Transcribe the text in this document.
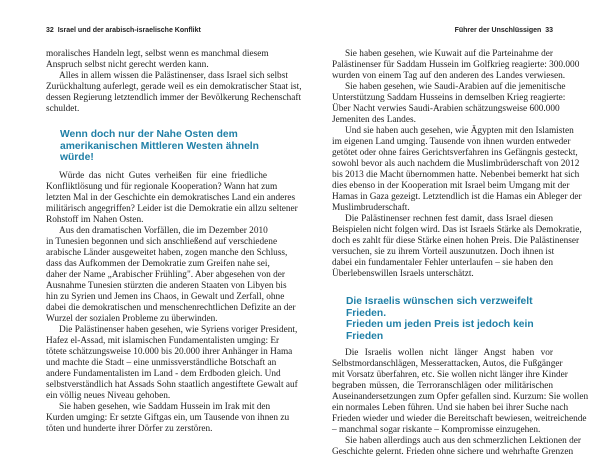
32 Israel und der arabisch-israelische Konflikt
moralisches Handeln legt, selbst wenn es manchmal diesem
Anspruch selbst nicht gerecht werden kann.
Alles in allem wissen die Palästinenser, dass Israel sich selbst
Zurückhaltung auferlegt, gerade weil es ein demokratischer Staat ist,
dessen Regierung letztendlich immer der Bevölkerung Rechenschaft
schuldet.
Wenn doch nur der Nahe Osten dem
amerikanischen Mittleren Westen ähneln
würde!
Würde das nicht Gutes verheißen für eine friedliche
Konfliktlösung und für regionale Kooperation? Wann hat zum
letzten Mal in der Geschichte ein demokratisches Land ein anderes
militärisch angegriffen? Leider ist die Demokratie ein allzu seltener
Rohstoff im Nahen Osten.
Aus den dramatischen Vorfällen, die im Dezember 2010
in Tunesien begonnen und sich anschließend auf verschiedene
arabische Länder ausgeweitet haben, zogen manche den Schluss,
dass das Aufkommen der Demokratie zum Greifen nahe sei,
daher der Name „Arabischer Frühling". Aber abgesehen von der
Ausnahme Tunesien stürzten die anderen Staaten von Libyen bis
hin zu Syrien und Jemen ins Chaos, in Gewalt und Zerfall, ohne
dabei die demokratischen und menschenrechtlichen Defizite an der
Wurzel der sozialen Probleme zu überwinden.
Die Palästinenser haben gesehen, wie Syriens voriger President,
Hafez el-Assad, mit islamischen Fundamentalisten umging: Er
tötete schätzungsweise 10.000 bis 20.000 ihrer Anhänger in Hama
und machte die Stadt – eine unmissverständliche Botschaft an
andere Fundamentalisten im Land - dem Erdboden gleich. Und
selbstverständlich hat Assads Sohn staatlich angestiftete Gewalt auf
ein völlig neues Niveau gehoben.
Sie haben gesehen, wie Saddam Hussein im Irak mit den
Kurden umging: Er setzte Giftgas ein, um Tausende von ihnen zu
töten und hunderte ihrer Dörfer zu zerstören.
Führer der Unschlüssigen 33
Sie haben gesehen, wie Kuwait auf die Parteinahme der
Palästinenser für Saddam Hussein im Golfkrieg reagierte: 300.000
wurden von einem Tag auf den anderen des Landes verwiesen.
Sie haben gesehen, wie Saudi-Arabien auf die jemenitische
Unterstützung Saddam Husseins in demselben Krieg reagierte:
Über Nacht verwies Saudi-Arabien schätzungsweise 600.000
Jemeniten des Landes.
Und sie haben auch gesehen, wie Ägypten mit den Islamisten
im eigenen Land umging. Tausende von ihnen wurden entweder
getötet oder ohne faires Gerichtsverfahren ins Gefängnis gesteckt,
sowohl bevor als auch nachdem die Muslimbrüderschaft von 2012
bis 2013 die Macht übernommen hatte. Nebenbei bemerkt hat sich
dies ebenso in der Kooperation mit Israel beim Umgang mit der
Hamas in Gaza gezeigt. Letztendlich ist die Hamas ein Ableger der
Muslimbruderschaft.
Die Palästinenser rechnen fest damit, dass Israel diesen
Beispielen nicht folgen wird. Das ist Israels Stärke als Demokratie,
doch es zahlt für diese Stärke einen hohen Preis. Die Palästinenser
versuchen, sie zu ihrem Vorteil auszunutzen. Doch ihnen ist
dabei ein fundamentaler Fehler unterlaufen – sie haben den
Überlebenswillen Israels unterschätzt.
Die Israelis wünschen sich verzweifelt Frieden.
Frieden um jeden Preis ist jedoch kein Frieden
Die Israelis wollen nicht länger Angst haben vor
Selbstmordanschlägen, Messerattacken, Autos, die Fußgänger
mit Vorsatz überfahren, etc. Sie wollen nicht länger ihre Kinder
begraben müssen, die Terroranschlägen oder militärischen
Auseinandersetzungen zum Opfer gefallen sind. Kurzum: Sie wollen
ein normales Leben führen. Und sie haben bei ihrer Suche nach
Frieden wieder und wieder die Bereitschaft bewiesen, weitreichende
– manchmal sogar riskante – Kompromisse einzugehen.
Sie haben allerdings auch aus den schmerzlichen Lektionen der
Geschichte gelernt. Frieden ohne sichere und wehrhafte Grenzen
